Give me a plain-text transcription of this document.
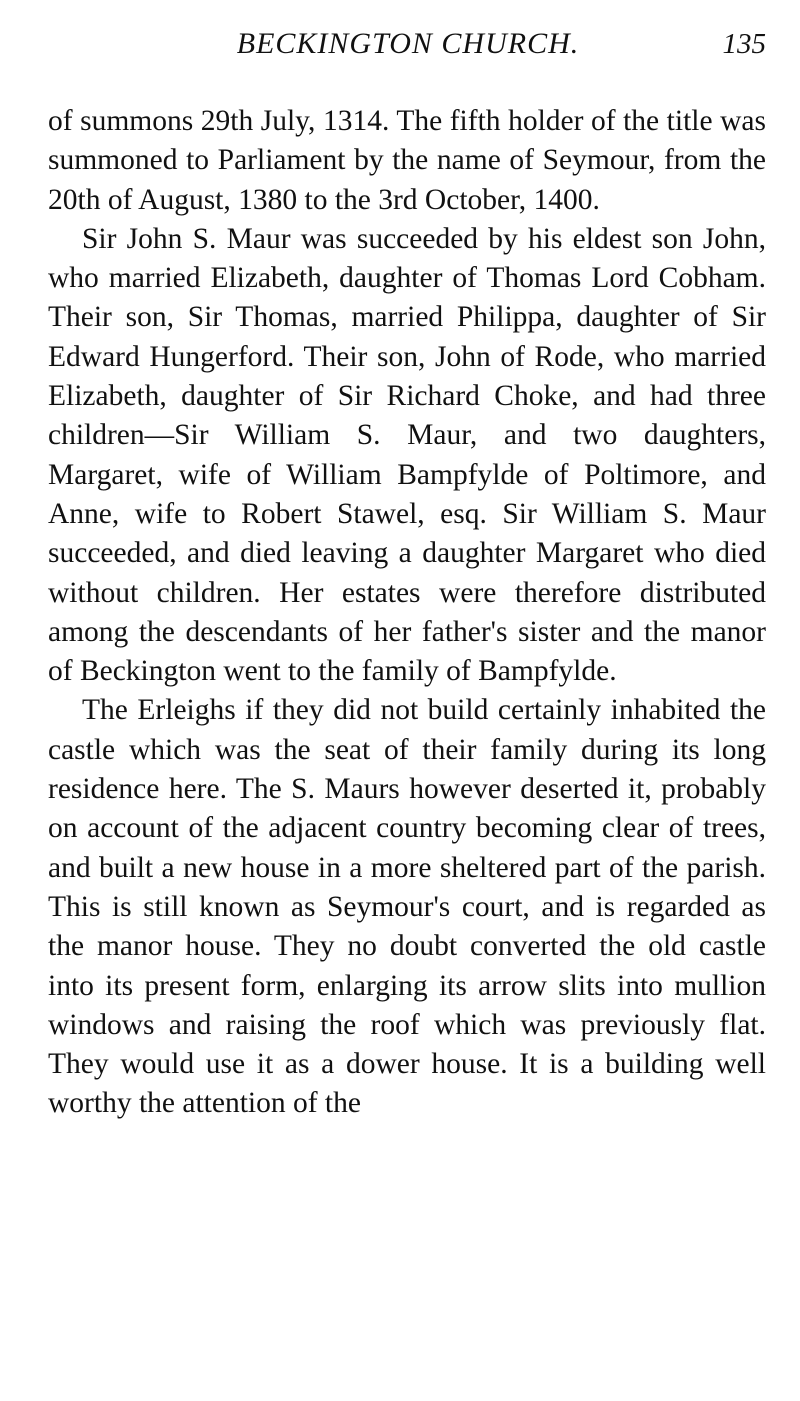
BECKINGTON CHURCH.	135

of summons 29th July, 1314. The fifth holder of the title was summoned to Parliament by the name of Seymour, from the 20th of August, 1380 to the 3rd October, 1400.

Sir John S. Maur was succeeded by his eldest son John, who married Elizabeth, daughter of Thomas Lord Cobham. Their son, Sir Thomas, married Philippa, daughter of Sir Edward Hungerford. Their son, John of Rode, who married Elizabeth, daughter of Sir Richard Choke, and had three children—Sir William S. Maur, and two daughters, Margaret, wife of William Bampfylde of Poltimore, and Anne, wife to Robert Stawel, esq. Sir William S. Maur succeeded, and died leaving a daughter Margaret who died without children. Her estates were therefore distributed among the descendants of her father's sister and the manor of Beckington went to the family of Bampfylde.

The Erleighs if they did not build certainly inhabited the castle which was the seat of their family during its long residence here. The S. Maurs however deserted it, probably on account of the adjacent country becoming clear of trees, and built a new house in a more sheltered part of the parish. This is still known as Seymour's court, and is regarded as the manor house. They no doubt converted the old castle into its present form, enlarging its arrow slits into mullion windows and raising the roof which was previously flat. They would use it as a dower house. It is a building well worthy the attention of the
